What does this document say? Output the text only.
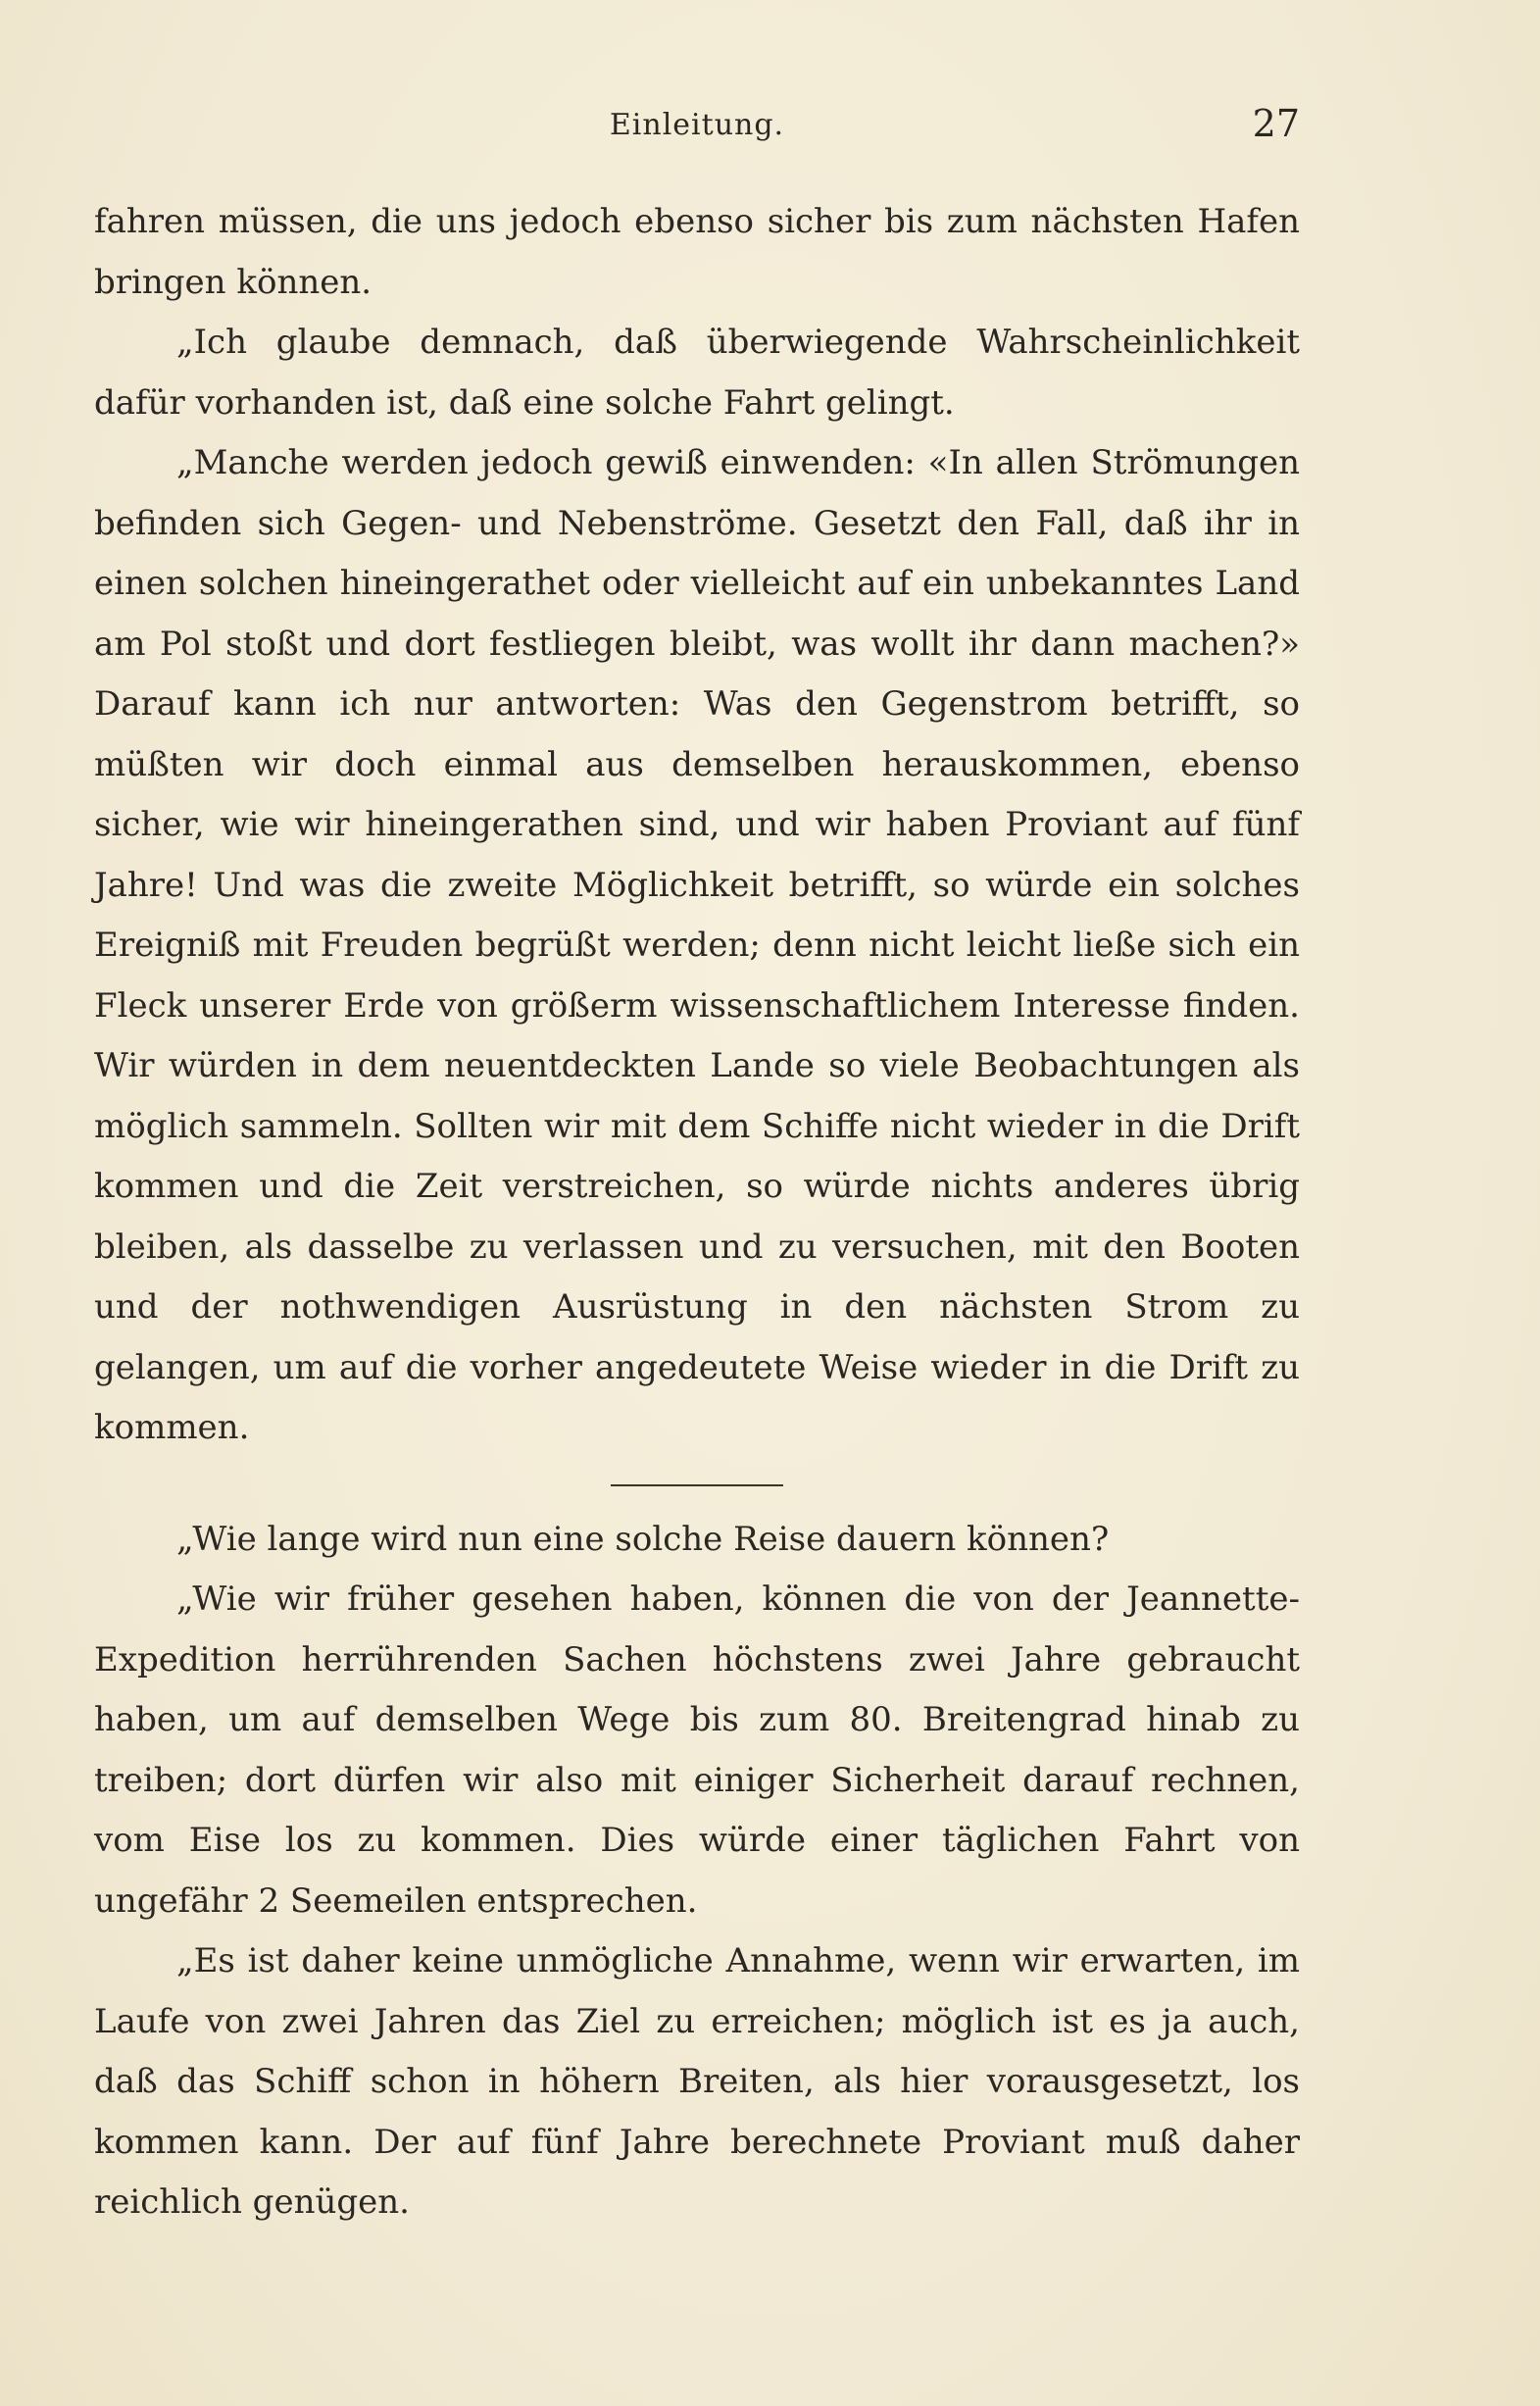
Einleitung.	27

fahren müssen, die uns jedoch ebenso sicher bis zum nächsten Hafen bringen können.

„Ich glaube demnach, daß überwiegende Wahrscheinlichkeit dafür vorhanden ist, daß eine solche Fahrt gelingt.

„Manche werden jedoch gewiß einwenden: «In allen Strömungen befinden sich Gegen- und Nebenströme. Gesetzt den Fall, daß ihr in einen solchen hineingerathet oder vielleicht auf ein unbekanntes Land am Pol stoßt und dort festliegen bleibt, was wollt ihr dann machen?» Darauf kann ich nur antworten: Was den Gegenstrom betrifft, so müßten wir doch einmal aus demselben herauskommen, ebenso sicher, wie wir hineingerathen sind, und wir haben Proviant auf fünf Jahre! Und was die zweite Möglichkeit betrifft, so würde ein solches Ereigniß mit Freuden begrüßt werden; denn nicht leicht ließe sich ein Fleck unserer Erde von größerm wissenschaftlichem Interesse finden. Wir würden in dem neuentdeckten Lande so viele Beobachtungen als möglich sammeln. Sollten wir mit dem Schiffe nicht wieder in die Drift kommen und die Zeit verstreichen, so würde nichts anderes übrig bleiben, als dasselbe zu verlassen und zu versuchen, mit den Booten und der nothwendigen Ausrüstung in den nächsten Strom zu gelangen, um auf die vorher angedeutete Weise wieder in die Drift zu kommen.

„Wie lange wird nun eine solche Reise dauern können?

„Wie wir früher gesehen haben, können die von der Jeannette-Expedition herrührenden Sachen höchstens zwei Jahre gebraucht haben, um auf demselben Wege bis zum 80. Breitengrad hinab zu treiben; dort dürfen wir also mit einiger Sicherheit darauf rechnen, vom Eise los zu kommen. Dies würde einer täglichen Fahrt von ungefähr 2 Seemeilen entsprechen.

„Es ist daher keine unmögliche Annahme, wenn wir erwarten, im Laufe von zwei Jahren das Ziel zu erreichen; möglich ist es ja auch, daß das Schiff schon in höhern Breiten, als hier vorausgesetzt, los kommen kann. Der auf fünf Jahre berechnete Proviant muß daher reichlich genügen.
